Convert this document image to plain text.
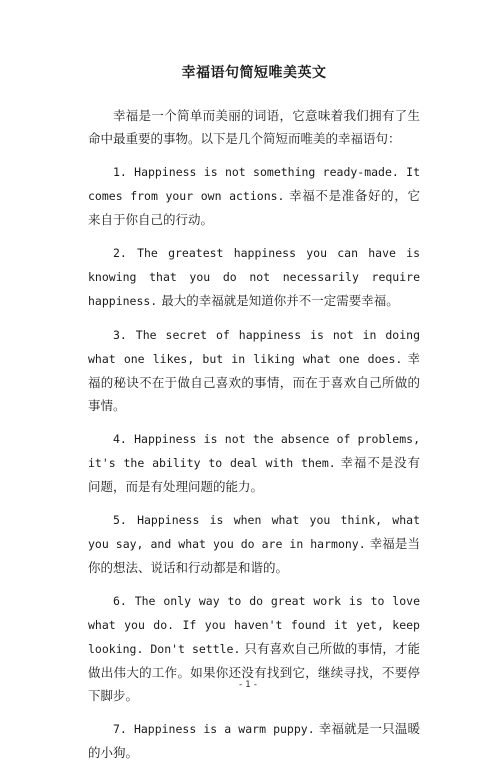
幸福语句简短唯美英文

幸福是一个简单而美丽的词语，它意味着我们拥有了生命中最重要的事物。以下是几个简短而唯美的幸福语句：

1. Happiness is not something ready-made. It comes from your own actions. 幸福不是准备好的，它来自于你自己的行动。

2. The greatest happiness you can have is knowing that you do not necessarily require happiness. 最大的幸福就是知道你并不一定需要幸福。

3. The secret of happiness is not in doing what one likes, but in liking what one does. 幸福的秘诀不在于做自己喜欢的事情，而在于喜欢自己所做的事情。

4. Happiness is not the absence of problems, it's the ability to deal with them. 幸福不是没有问题，而是有处理问题的能力。

5. Happiness is when what you think, what you say, and what you do are in harmony. 幸福是当你的想法、说话和行动都是和谐的。

6. The only way to do great work is to love what you do. If you haven't found it yet, keep looking. Don't settle. 只有喜欢自己所做的事情，才能做出伟大的工作。如果你还没有找到它，继续寻找，不要停下脚步。

7. Happiness is a warm puppy. 幸福就是一只温暖的小狗。

- 1 -
